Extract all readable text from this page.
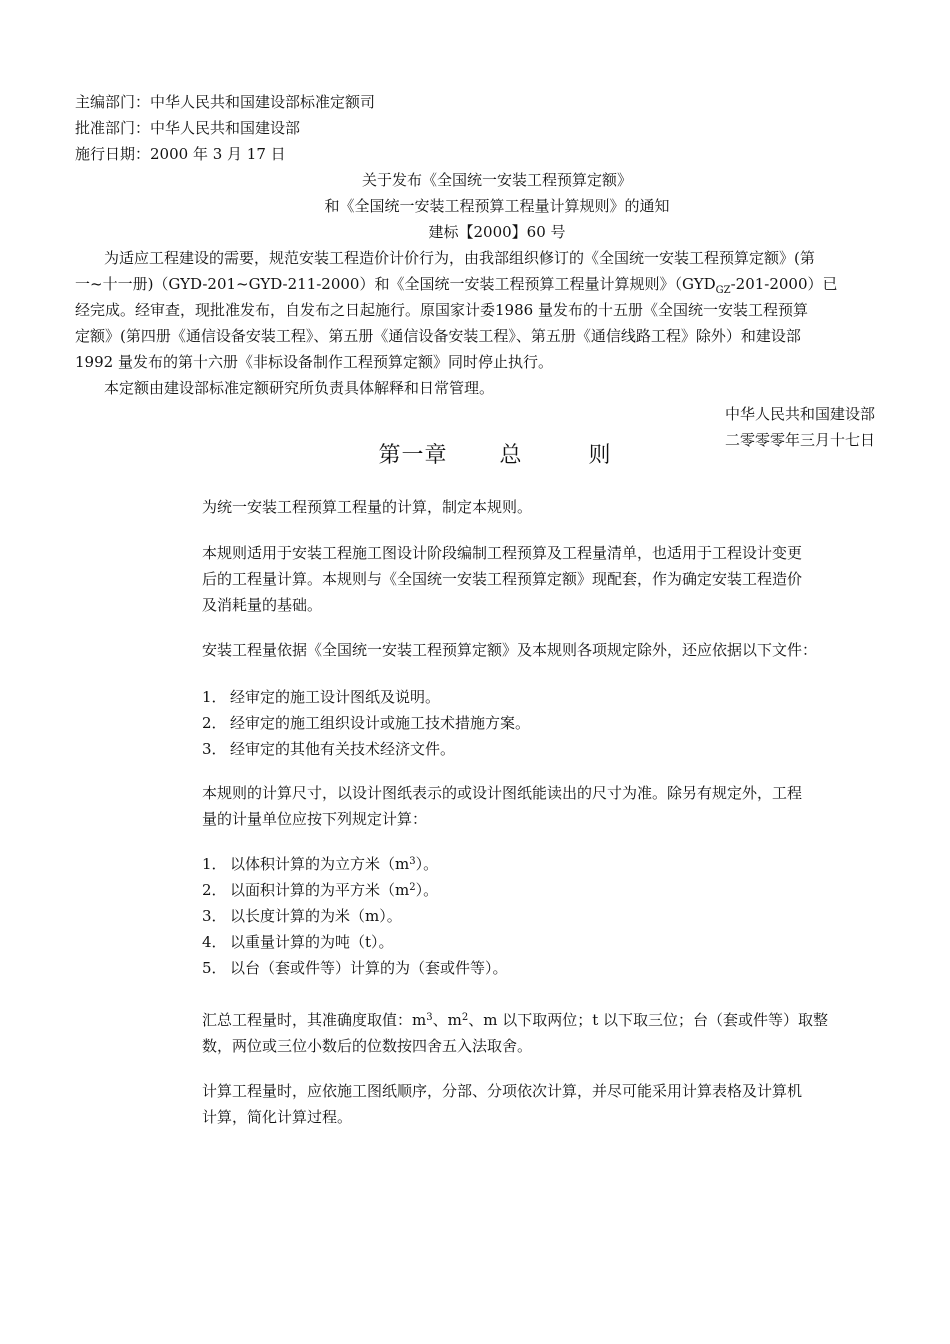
主编部门：中华人民共和国建设部标准定额司
批准部门：中华人民共和国建设部
施行日期：2000 年 3 月 17 日
关于发布《全国统一安装工程预算定额》
和《全国统一安装工程预算工程量计算规则》的通知
建标【2000】60 号
为适应工程建设的需要，规范安装工程造价计价行为，由我部组织修订的《全国统一安装工程预算定额》(第
一~十一册)（GYD-201~GYD-211-2000）和《全国统一安装工程预算工程量计算规则》$(GYD_{GZ}-201-2000)$已
经完成。经审查，现批准发布，自发布之日起施行。原国家计委1986 量发布的十五册《全国统一安装工程预算
定额》(第四册《通信设备安装工程》、第五册《通信设备安装工程》、第五册《通信线路工程》除外）和建设部
1992 量发布的第十六册《非标设备制作工程预算定额》同时停止执行。
本定额由建设部标准定额研究所负责具体解释和日常管理。
中华人民共和国建设部
二零零零年三月十七日
第一章 总	则

为统一安装工程预算工程量的计算，制定本规则。

本规则适用于安装工程施工图设计阶段编制工程预算及工程量清单，也适用于工程设计变更

后的工程量计算。本规则与《全国统一安装工程预算定额》现配套，作为确定安装工程造价

及消耗量的基础。

安装工程量依据《全国统一安装工程预算定额》及本规则各项规定除外，还应依据以下文件：

1． 经审定的施工设计图纸及说明。

2． 经审定的施工组织设计或施工技术措施方案。

3． 经审定的其他有关技术经济文件。

本规则的计算尺寸，以设计图纸表示的或设计图纸能读出的尺寸为准。除另有规定外，工程

量的计量单位应按下列规定计算：

1． 以体积计算的为立方米$(m^3)$。

2． 以面积计算的为平方米$(m^2)$。

3． 以长度计算的为米（m）。

4． 以重量计算的为吨（t）。

5． 以台（套或件等）计算的为（套或件等）。

汇总工程量时，其准确度取值：$m^3$、$m^2$、m 以下取两位；t 以下取三位；台（套或件等）取整

数，两位或三位小数后的位数按四舍五入法取舍。

计算工程量时，应依施工图纸顺序，分部、分项依次计算，并尽可能采用计算表格及计算机

计算，简化计算过程。
